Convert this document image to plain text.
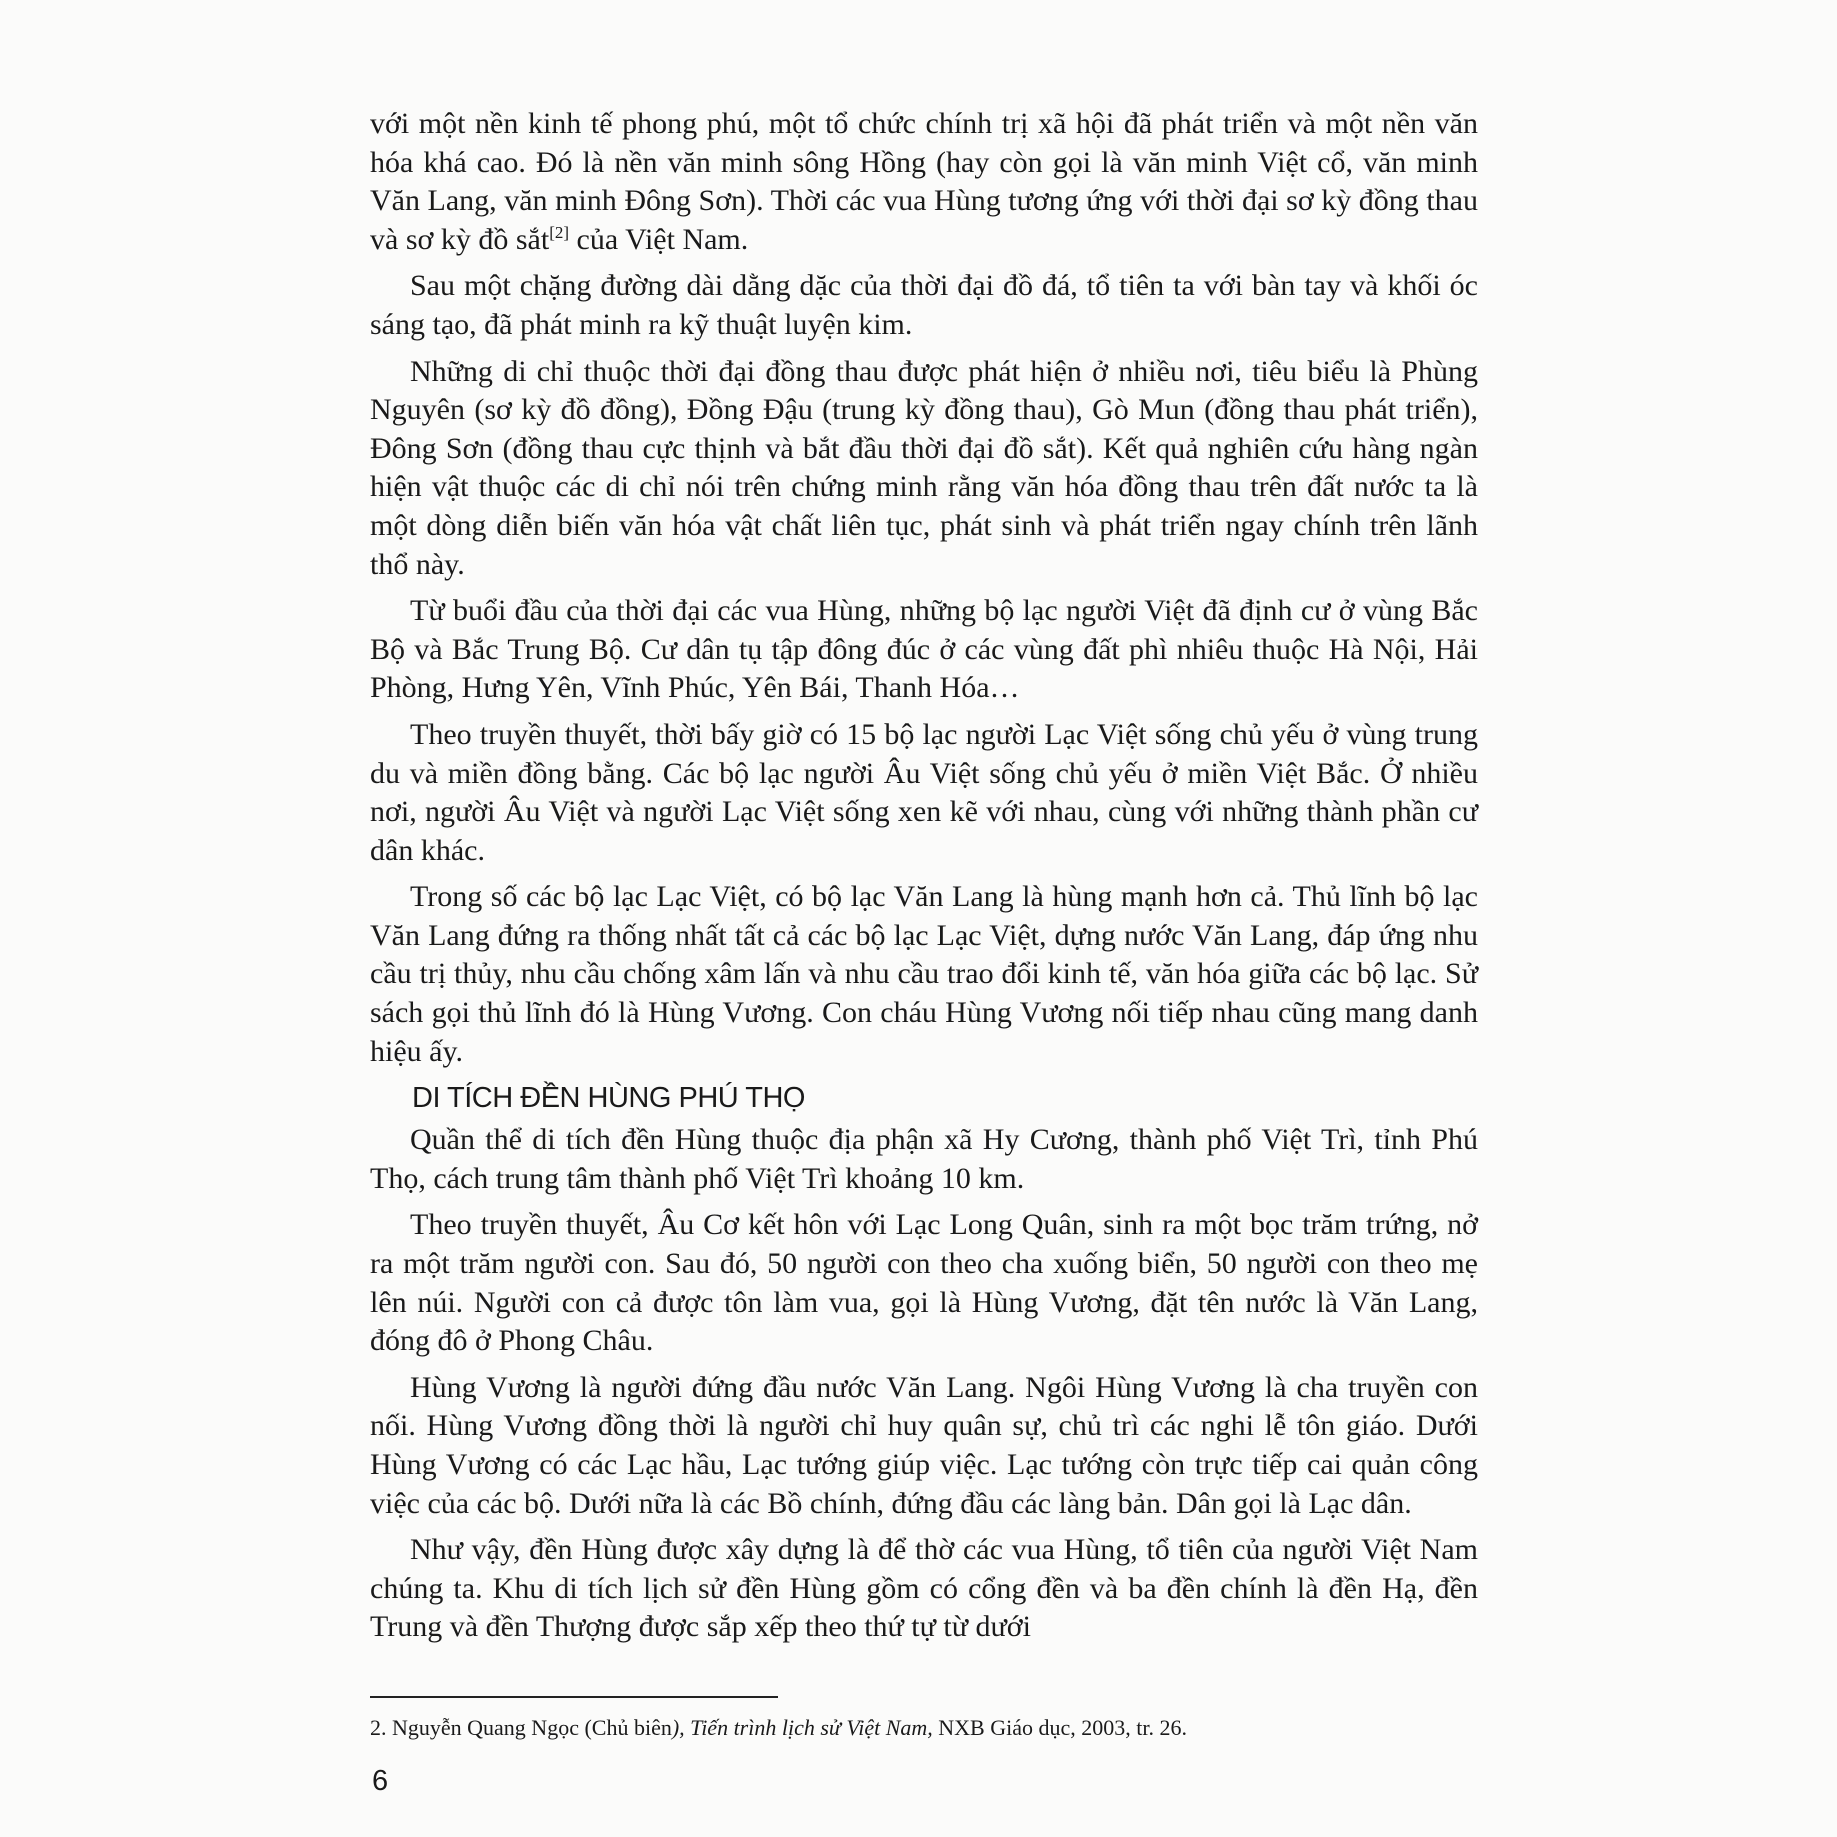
với một nền kinh tế phong phú, một tổ chức chính trị xã hội đã phát triển và một nền văn hóa khá cao. Đó là nền văn minh sông Hồng (hay còn gọi là văn minh Việt cổ, văn minh Văn Lang, văn minh Đông Sơn). Thời các vua Hùng tương ứng với thời đại sơ kỳ đồng thau và sơ kỳ đồ sắt[2] của Việt Nam.

Sau một chặng đường dài dằng dặc của thời đại đồ đá, tổ tiên ta với bàn tay và khối óc sáng tạo, đã phát minh ra kỹ thuật luyện kim.

Những di chỉ thuộc thời đại đồng thau được phát hiện ở nhiều nơi, tiêu biểu là Phùng Nguyên (sơ kỳ đồ đồng), Đồng Đậu (trung kỳ đồng thau), Gò Mun (đồng thau phát triển), Đông Sơn (đồng thau cực thịnh và bắt đầu thời đại đồ sắt). Kết quả nghiên cứu hàng ngàn hiện vật thuộc các di chỉ nói trên chứng minh rằng văn hóa đồng thau trên đất nước ta là một dòng diễn biến văn hóa vật chất liên tục, phát sinh và phát triển ngay chính trên lãnh thổ này.

Từ buổi đầu của thời đại các vua Hùng, những bộ lạc người Việt đã định cư ở vùng Bắc Bộ và Bắc Trung Bộ. Cư dân tụ tập đông đúc ở các vùng đất phì nhiêu thuộc Hà Nội, Hải Phòng, Hưng Yên, Vĩnh Phúc, Yên Bái, Thanh Hóa…

Theo truyền thuyết, thời bấy giờ có 15 bộ lạc người Lạc Việt sống chủ yếu ở vùng trung du và miền đồng bằng. Các bộ lạc người Âu Việt sống chủ yếu ở miền Việt Bắc. Ở nhiều nơi, người Âu Việt và người Lạc Việt sống xen kẽ với nhau, cùng với những thành phần cư dân khác.

Trong số các bộ lạc Lạc Việt, có bộ lạc Văn Lang là hùng mạnh hơn cả. Thủ lĩnh bộ lạc Văn Lang đứng ra thống nhất tất cả các bộ lạc Lạc Việt, dựng nước Văn Lang, đáp ứng nhu cầu trị thủy, nhu cầu chống xâm lấn và nhu cầu trao đổi kinh tế, văn hóa giữa các bộ lạc. Sử sách gọi thủ lĩnh đó là Hùng Vương. Con cháu Hùng Vương nối tiếp nhau cũng mang danh hiệu ấy.

DI TÍCH ĐỀN HÙNG PHÚ THỌ

Quần thể di tích đền Hùng thuộc địa phận xã Hy Cương, thành phố Việt Trì, tỉnh Phú Thọ, cách trung tâm thành phố Việt Trì khoảng 10 km.

Theo truyền thuyết, Âu Cơ kết hôn với Lạc Long Quân, sinh ra một bọc trăm trứng, nở ra một trăm người con. Sau đó, 50 người con theo cha xuống biển, 50 người con theo mẹ lên núi. Người con cả được tôn làm vua, gọi là Hùng Vương, đặt tên nước là Văn Lang, đóng đô ở Phong Châu.

Hùng Vương là người đứng đầu nước Văn Lang. Ngôi Hùng Vương là cha truyền con nối. Hùng Vương đồng thời là người chỉ huy quân sự, chủ trì các nghi lễ tôn giáo. Dưới Hùng Vương có các Lạc hầu, Lạc tướng giúp việc. Lạc tướng còn trực tiếp cai quản công việc của các bộ. Dưới nữa là các Bồ chính, đứng đầu các làng bản. Dân gọi là Lạc dân.

Như vậy, đền Hùng được xây dựng là để thờ các vua Hùng, tổ tiên của người Việt Nam chúng ta. Khu di tích lịch sử đền Hùng gồm có cổng đền và ba đền chính là đền Hạ, đền Trung và đền Thượng được sắp xếp theo thứ tự từ dưới

2. Nguyễn Quang Ngọc (Chủ biên), Tiến trình lịch sử Việt Nam, NXB Giáo dục, 2003, tr. 26.
6
